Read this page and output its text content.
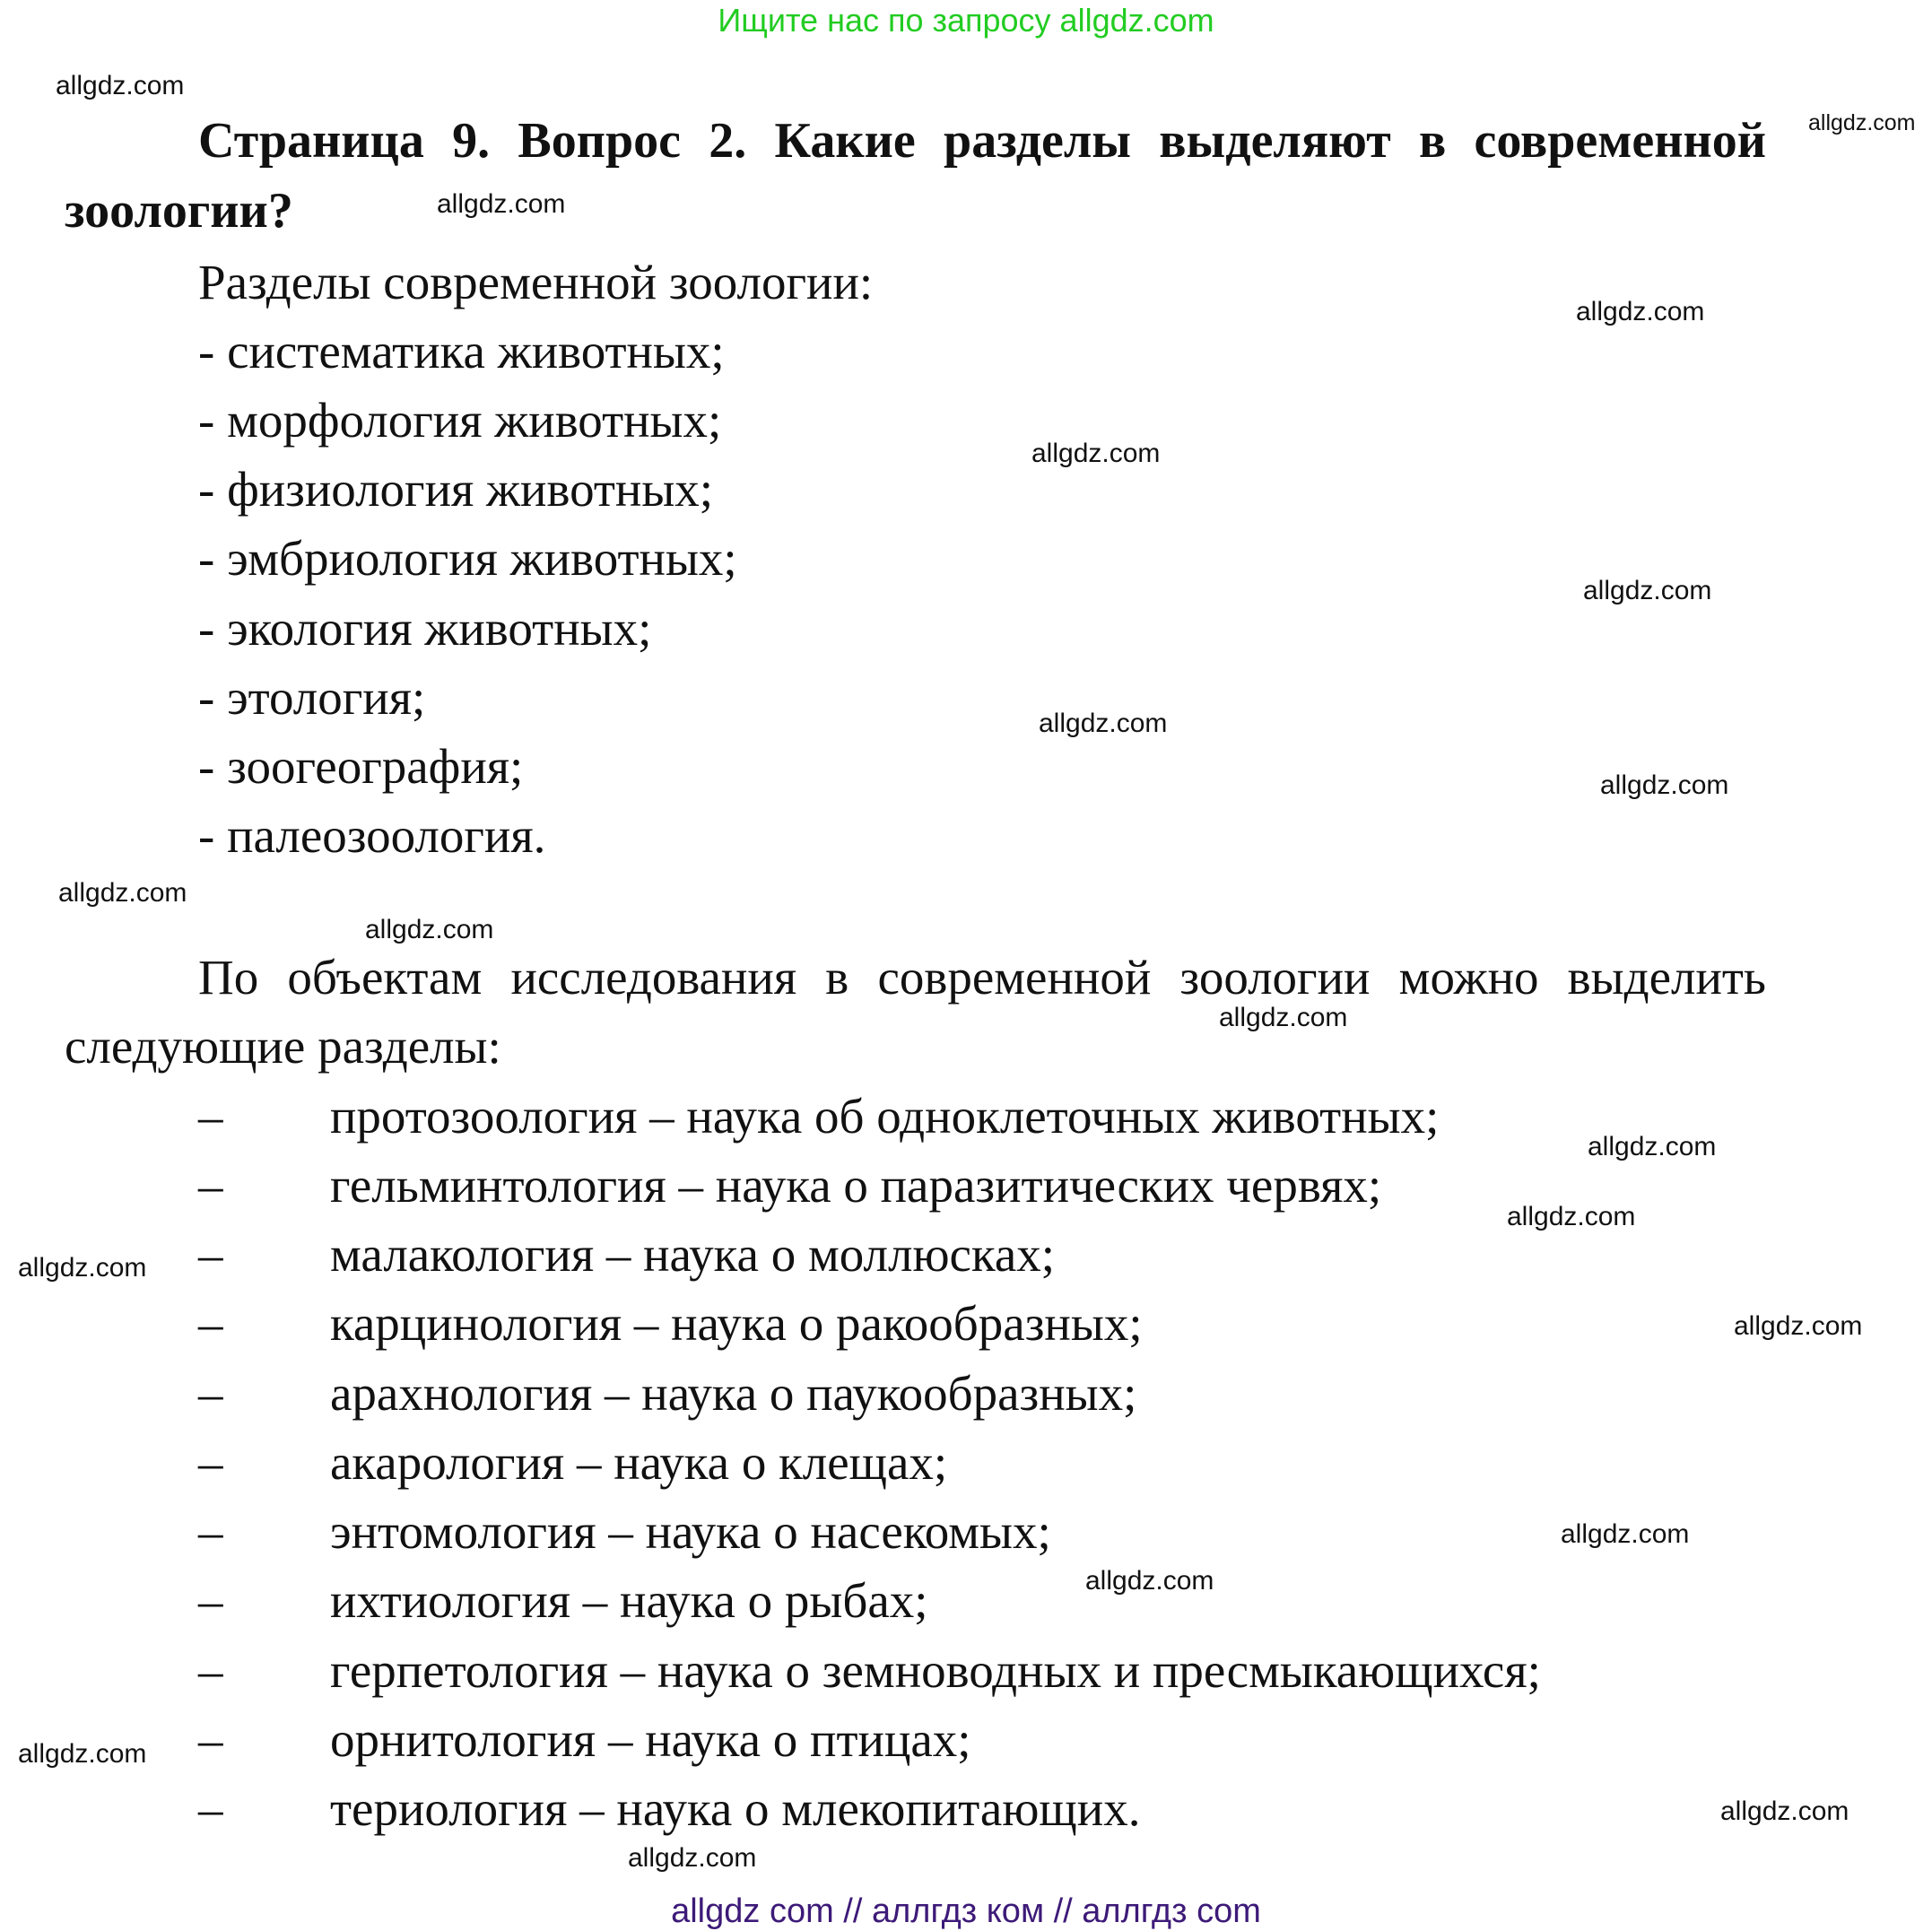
Ищите нас по запросу allgdz.com
Страница 9. Вопрос 2. Какие разделы выделяют в современной
зоологии?
Разделы современной зоологии:
- систематика животных;
- морфология животных;
- физиология животных;
- эмбриология животных;
- экология животных;
- этология;
- зоогеография;
- палеозоология.
По объектам исследования в современной зоологии можно выделить
следующие разделы:
– протозоология – наука об одноклеточных животных;
– гельминтология – наука о паразитических червях;
– малакология – наука о моллюсках;
– карцинология – наука о ракообразных;
– арахнология – наука о паукообразных;
– акарология – наука о клещах;
– энтомология – наука о насекомых;
– ихтиология – наука о рыбах;
– герпетология – наука о земноводных и пресмыкающихся;
– орнитология – наука о птицах;
– териология – наука о млекопитающих.
allgdz.com
allgdz.com
allgdz.com
allgdz.com
allgdz.com
allgdz.com
allgdz.com
allgdz.com
allgdz.com
allgdz.com
allgdz.com
allgdz.com
allgdz.com
allgdz.com
allgdz.com
allgdz.com
allgdz.com
allgdz.com
allgdz.com
allgdz.com
allgdz com // аллгдз ком // аллгдз com
